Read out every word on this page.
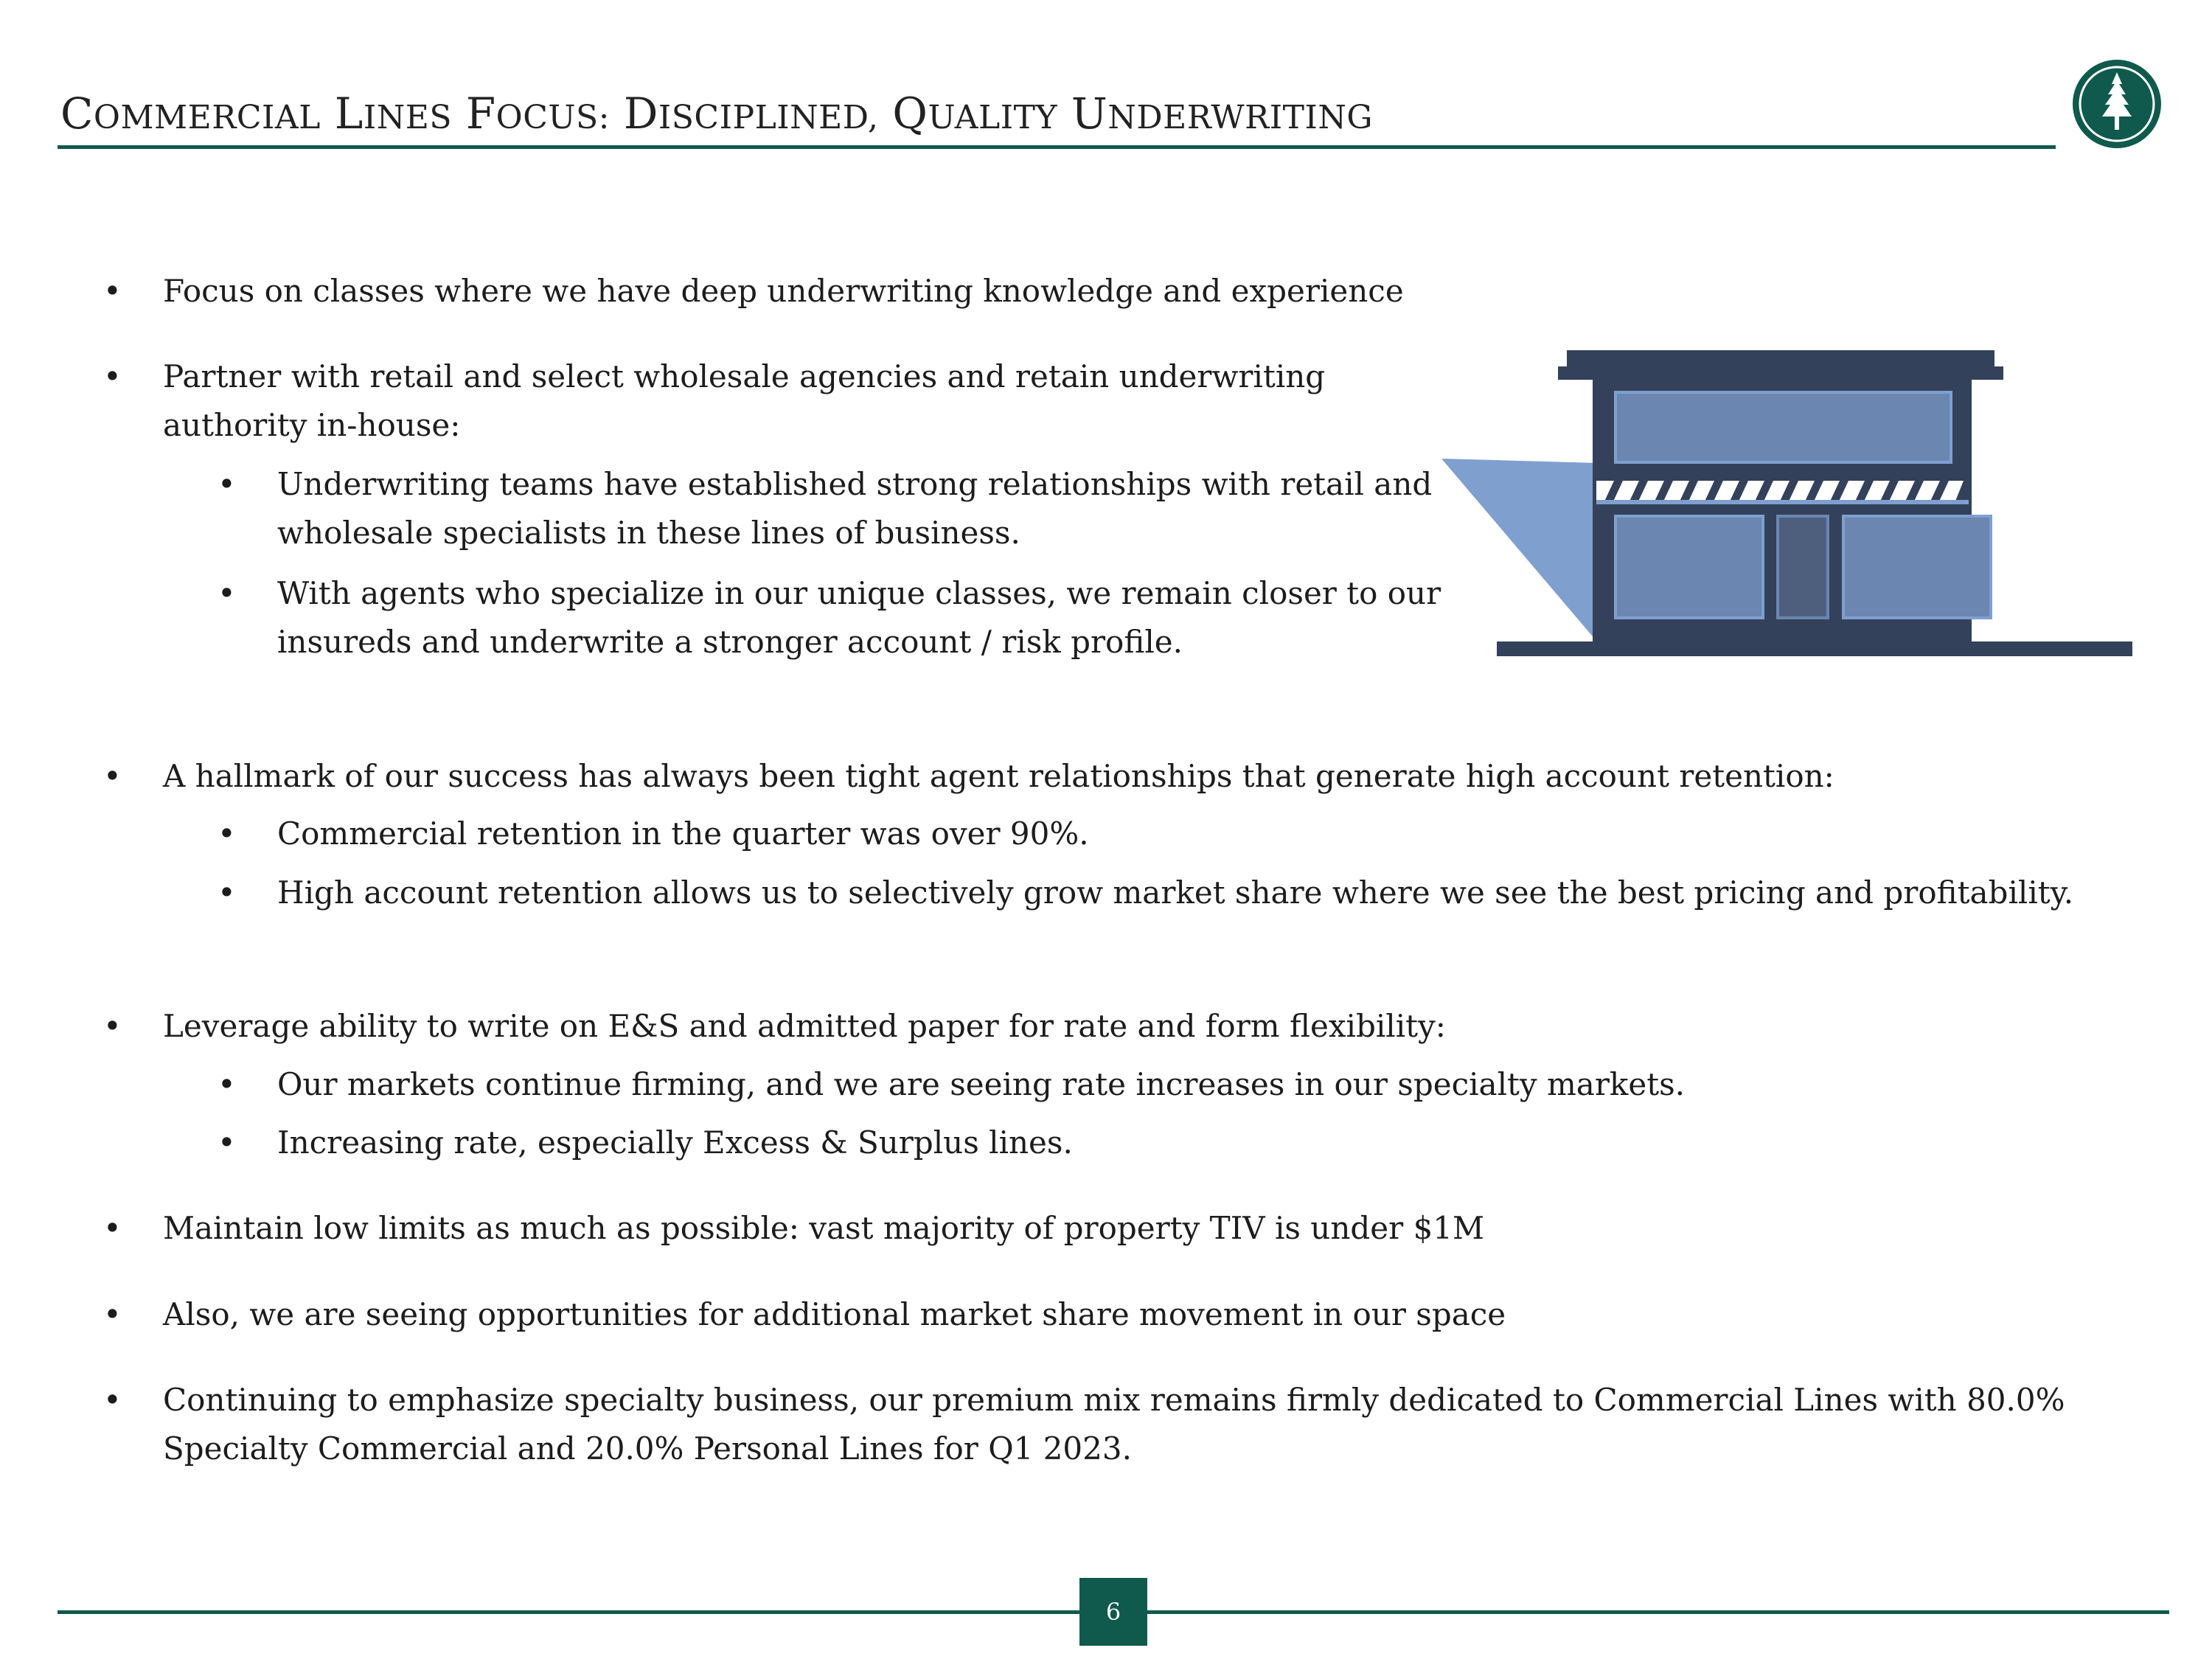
COMMERCIAL LINES FOCUS: DISCIPLINED, QUALITY UNDERWRITING

• Focus on classes where we have deep underwriting knowledge and experience

• Partner with retail and select wholesale agencies and retain underwriting authority in-house:

• Underwriting teams have established strong relationships with retail and wholesale specialists in these lines of business.

• With agents who specialize in our unique classes, we remain closer to our insureds and underwrite a stronger account / risk profile.

• A hallmark of our success has always been tight agent relationships that generate high account retention:

• Commercial retention in the quarter was over 90%.

• High account retention allows us to selectively grow market share where we see the best pricing and profitability.

• Leverage ability to write on E&S and admitted paper for rate and form flexibility:

• Our markets continue firming, and we are seeing rate increases in our specialty markets.

• Increasing rate, especially Excess & Surplus lines.

• Maintain low limits as much as possible: vast majority of property TIV is under $1M

• Also, we are seeing opportunities for additional market share movement in our space

• Continuing to emphasize specialty business, our premium mix remains firmly dedicated to Commercial Lines with 80.0% Specialty Commercial and 20.0% Personal Lines for Q1 2023.

6
